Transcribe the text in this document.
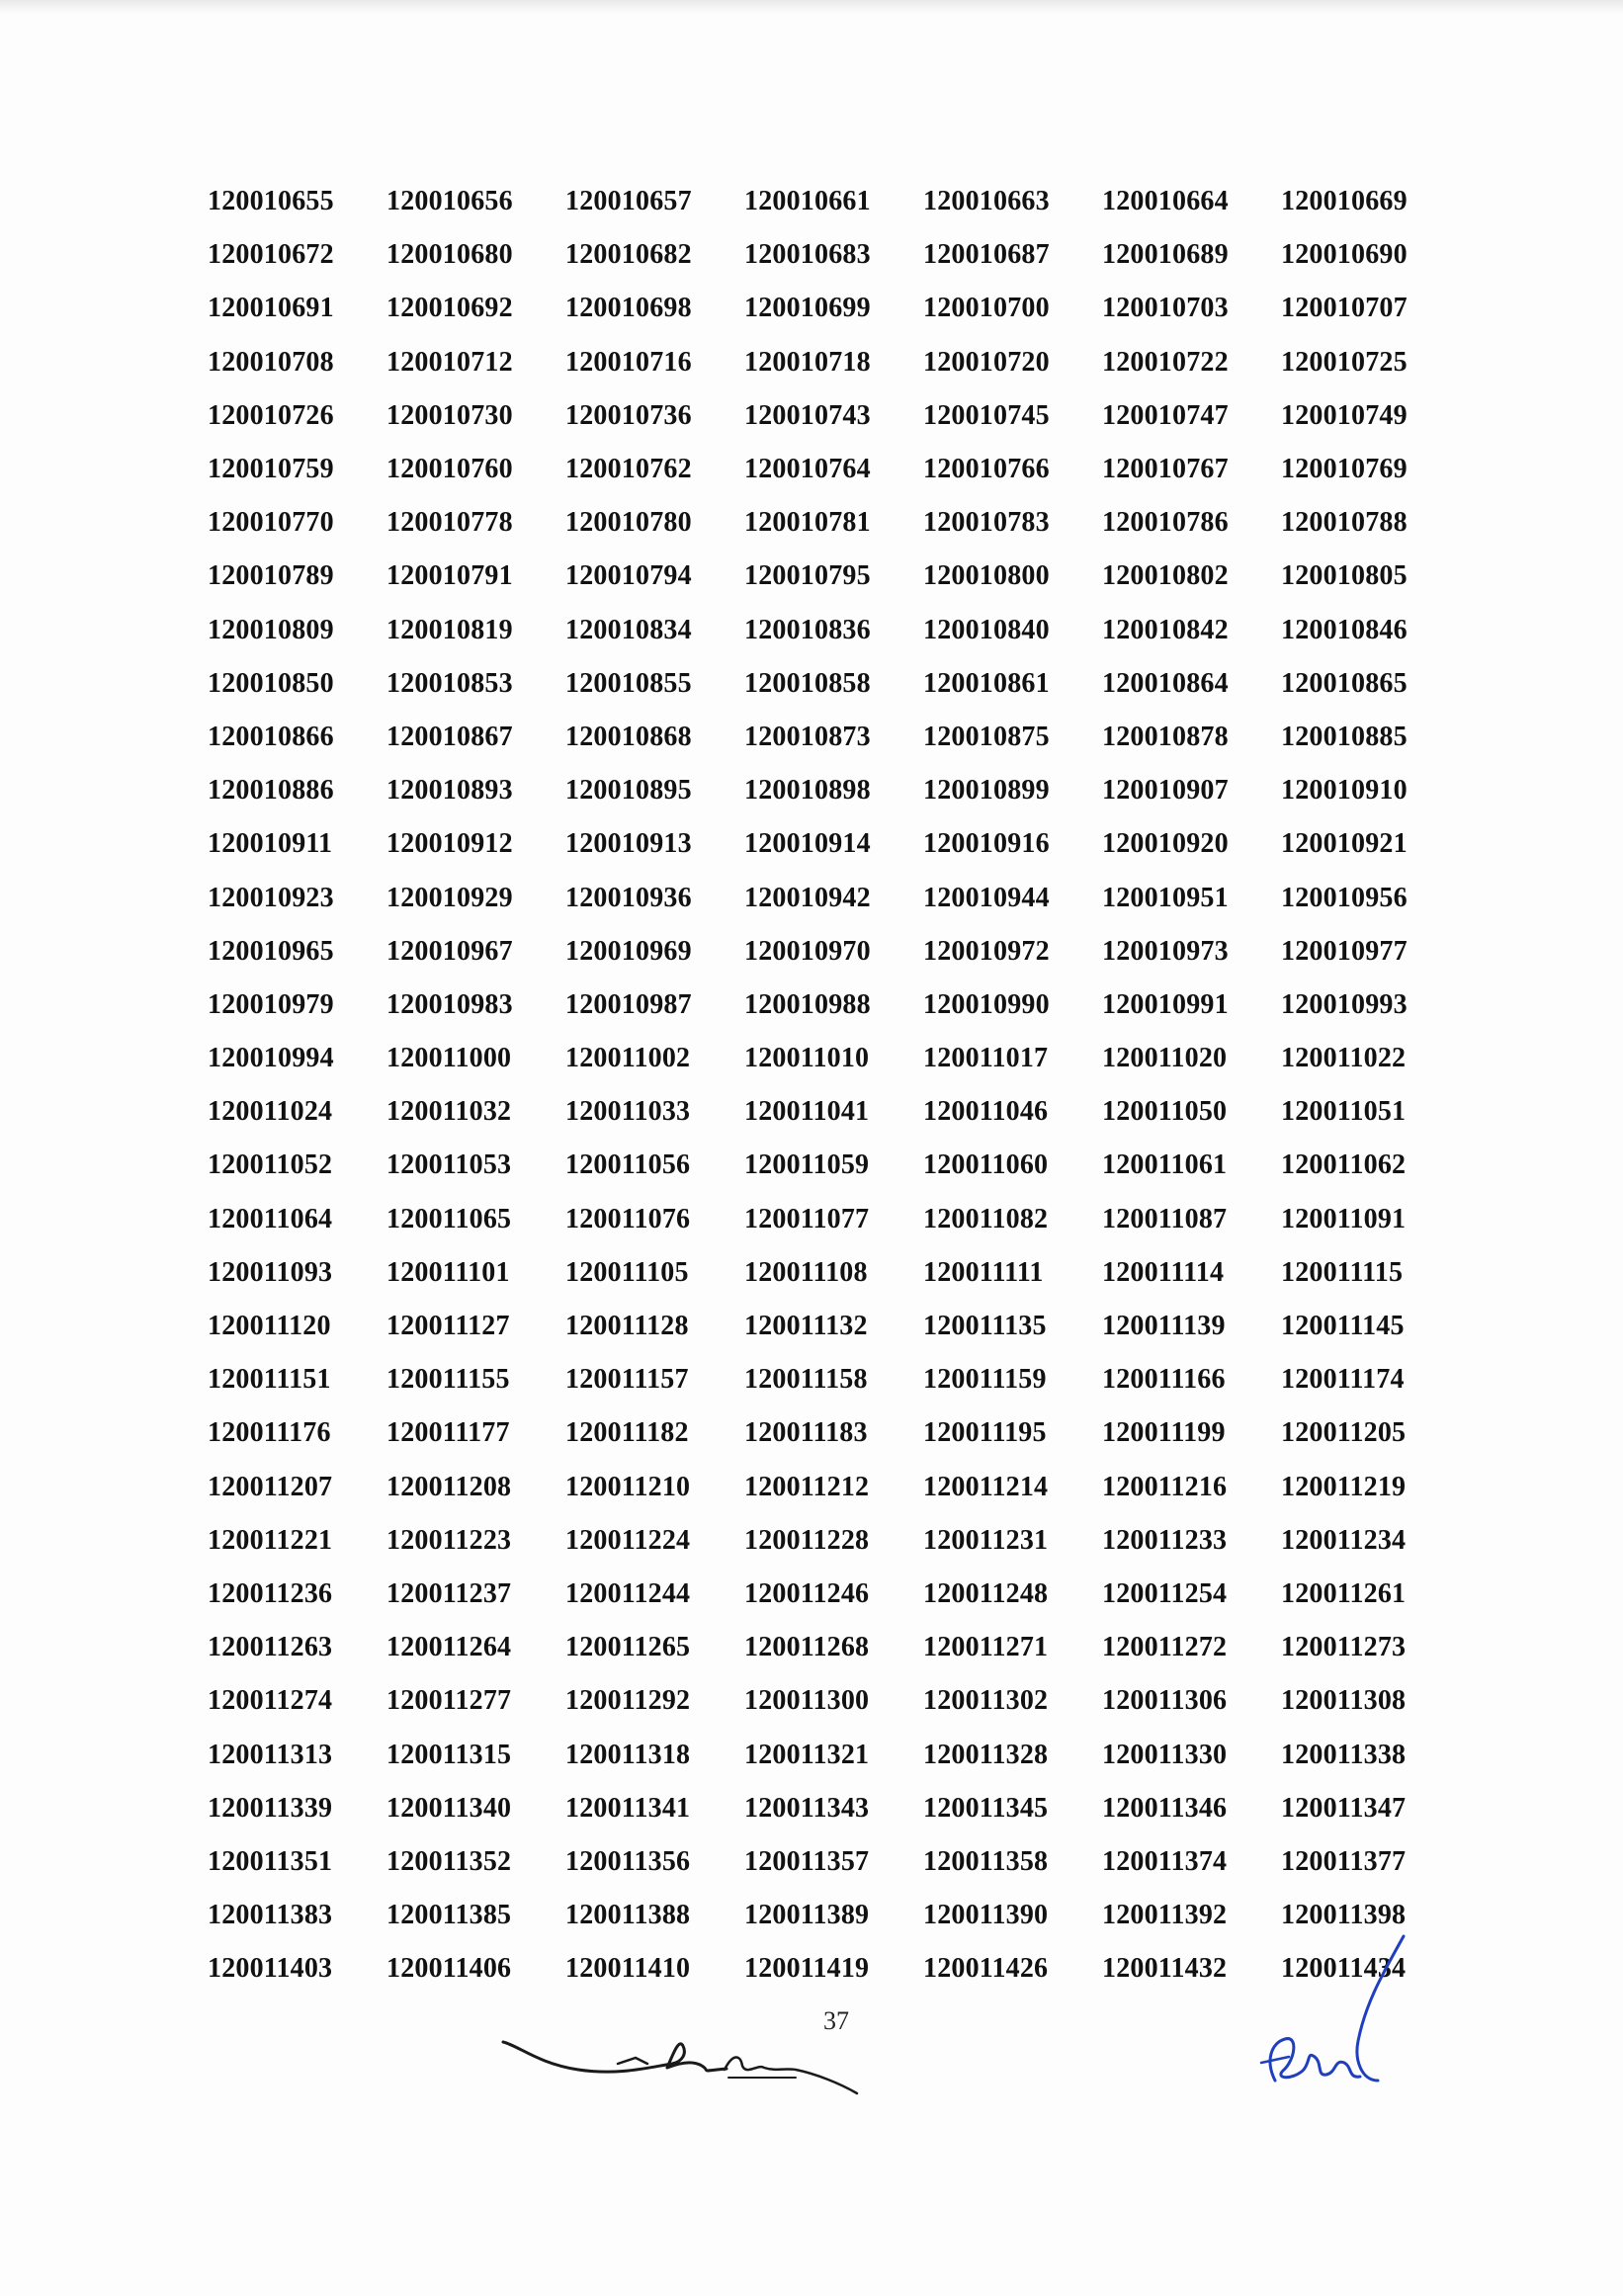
120010655	120010656	120010657	120010661	120010663	120010664	120010669
120010672	120010680	120010682	120010683	120010687	120010689	120010690
120010691	120010692	120010698	120010699	120010700	120010703	120010707
120010708	120010712	120010716	120010718	120010720	120010722	120010725
120010726	120010730	120010736	120010743	120010745	120010747	120010749
120010759	120010760	120010762	120010764	120010766	120010767	120010769
120010770	120010778	120010780	120010781	120010783	120010786	120010788
120010789	120010791	120010794	120010795	120010800	120010802	120010805
120010809	120010819	120010834	120010836	120010840	120010842	120010846
120010850	120010853	120010855	120010858	120010861	120010864	120010865
120010866	120010867	120010868	120010873	120010875	120010878	120010885
120010886	120010893	120010895	120010898	120010899	120010907	120010910
120010911	120010912	120010913	120010914	120010916	120010920	120010921
120010923	120010929	120010936	120010942	120010944	120010951	120010956
120010965	120010967	120010969	120010970	120010972	120010973	120010977
120010979	120010983	120010987	120010988	120010990	120010991	120010993
120010994	120011000	120011002	120011010	120011017	120011020	120011022
120011024	120011032	120011033	120011041	120011046	120011050	120011051
120011052	120011053	120011056	120011059	120011060	120011061	120011062
120011064	120011065	120011076	120011077	120011082	120011087	120011091
120011093	120011101	120011105	120011108	120011111	120011114	120011115
120011120	120011127	120011128	120011132	120011135	120011139	120011145
120011151	120011155	120011157	120011158	120011159	120011166	120011174
120011176	120011177	120011182	120011183	120011195	120011199	120011205
120011207	120011208	120011210	120011212	120011214	120011216	120011219
120011221	120011223	120011224	120011228	120011231	120011233	120011234
120011236	120011237	120011244	120011246	120011248	120011254	120011261
120011263	120011264	120011265	120011268	120011271	120011272	120011273
120011274	120011277	120011292	120011300	120011302	120011306	120011308
120011313	120011315	120011318	120011321	120011328	120011330	120011338
120011339	120011340	120011341	120011343	120011345	120011346	120011347
120011351	120011352	120011356	120011357	120011358	120011374	120011377
120011383	120011385	120011388	120011389	120011390	120011392	120011398
120011403	120011406	120011410	120011419	120011426	120011432	120011434
37
